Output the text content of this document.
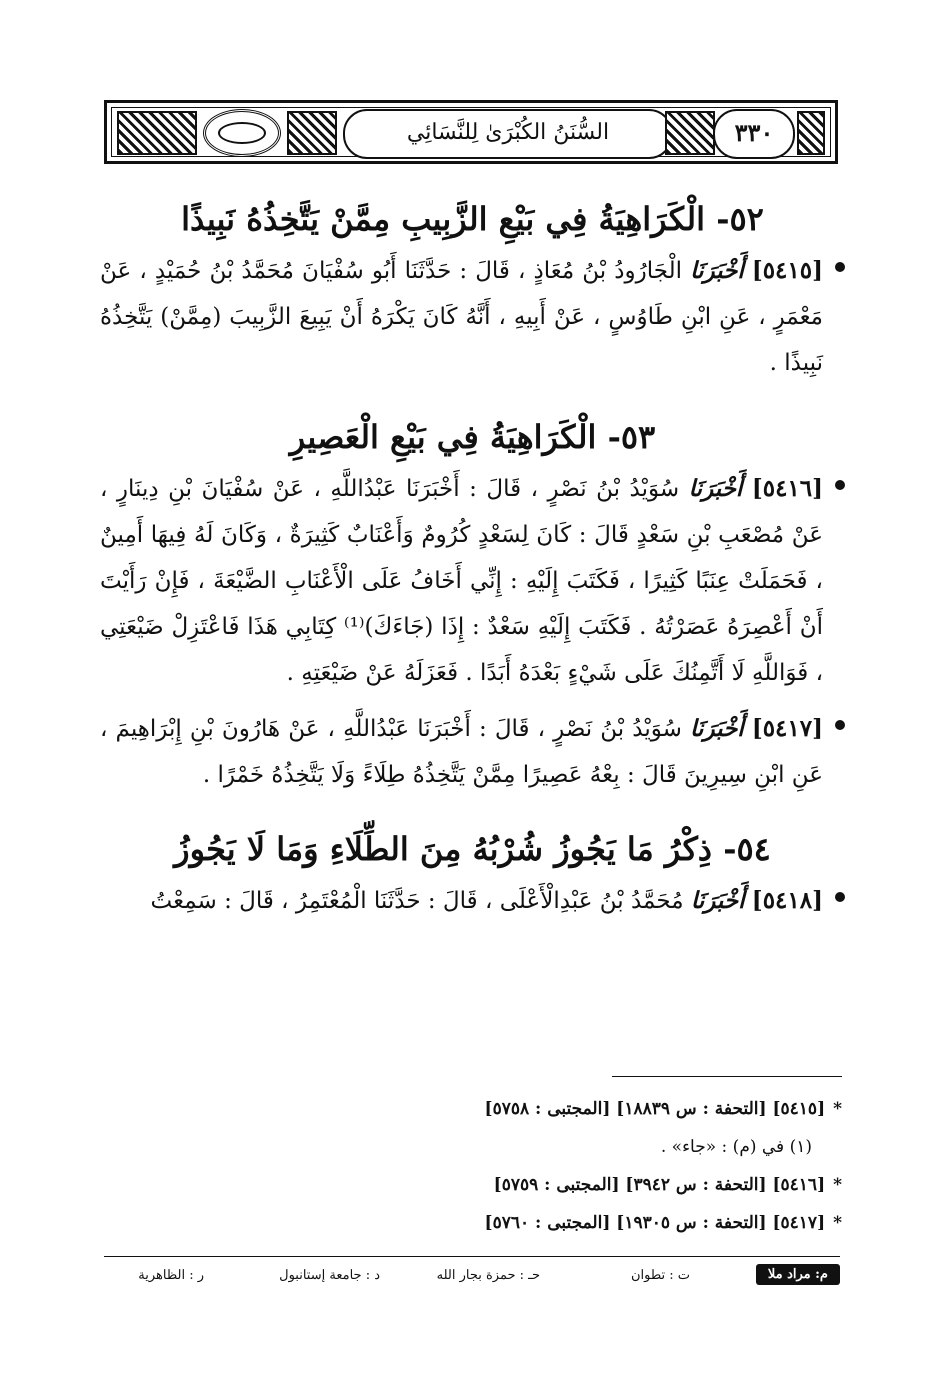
السُّنَنُ الكُبْرَىٰ لِلنَّسَائِي	٣٣٠
٥٢- الْكَرَاهِيَةُ فِي بَيْعِ الزَّبِيبِ مِمَّنْ يَتَّخِذُهُ نَبِيذًا

[٥٤١٥] أَخْبَرَنَا الْجَارُودُ بْنُ مُعَاذٍ ، قَالَ : حَدَّثَنَا أَبُو سُفْيَانَ مُحَمَّدُ بْنُ حُمَيْدٍ ، عَنْ مَعْمَرٍ ، عَنِ ابْنِ طَاوُسٍ ، عَنْ أَبِيهِ ، أَنَّهُ كَانَ يَكْرَهُ أَنْ يَبِيعَ الزَّبِيبَ (مِمَّنْ) يَتَّخِذُهُ نَبِيذًا .

٥٣- الْكَرَاهِيَةُ فِي بَيْعِ الْعَصِيرِ

[٥٤١٦] أَخْبَرَنَا سُوَيْدُ بْنُ نَصْرٍ ، قَالَ : أَخْبَرَنَا عَبْدُاللَّهِ ، عَنْ سُفْيَانَ بْنِ دِينَارٍ ، عَنْ مُصْعَبِ بْنِ سَعْدٍ قَالَ : كَانَ لِسَعْدٍ كُرُومٌ وَأَعْنَابٌ كَثِيرَةٌ ، وَكَانَ لَهُ فِيهَا أَمِينٌ ، فَحَمَلَتْ عِنَبًا كَثِيرًا ، فَكَتَبَ إِلَيْهِ : إِنِّي أَخَافُ عَلَى الْأَعْنَابِ الضَّيْعَةَ ، فَإِنْ رَأَيْتَ أَنْ أَعْصِرَهُ عَصَرْتُهُ . فَكَتَبَ إِلَيْهِ سَعْدٌ : إِذَا (جَاءَكَ)⁽¹⁾ كِتَابِي هَذَا فَاعْتَزِلْ ضَيْعَتِي ، فَوَاللَّهِ لَا أَتَّمِنُكَ عَلَى شَيْءٍ بَعْدَهُ أَبَدًا . فَعَزَلَهُ عَنْ ضَيْعَتِهِ .

[٥٤١٧] أَخْبَرَنَا سُوَيْدُ بْنُ نَصْرٍ ، قَالَ : أَخْبَرَنَا عَبْدُاللَّهِ ، عَنْ هَارُونَ بْنِ إِبْرَاهِيمَ ، عَنِ ابْنِ سِيرِينَ قَالَ : بِعْهُ عَصِيرًا مِمَّنْ يَتَّخِذُهُ طِلَاءً وَلَا يَتَّخِذُهُ خَمْرًا .

٥٤- ذِكْرُ مَا يَجُوزُ شُرْبُهُ مِنَ الطِّلَاءِ وَمَا لَا يَجُوزُ

[٥٤١٨] أَخْبَرَنَا مُحَمَّدُ بْنُ عَبْدِالْأَعْلَى ، قَالَ : حَدَّثَنَا الْمُعْتَمِرُ ، قَالَ : سَمِعْتُ

*[٥٤١٥] [التحفة : س ١٨٨٣٩] [المجتبى : ٥٧٥٨]
(١) في (م) : «جاء» .
*[٥٤١٦] [التحفة : س ٣٩٤٢] [المجتبى : ٥٧٥٩]
*[٥٤١٧] [التحفة : س ١٩٣٠٥] [المجتبى : ٥٧٦٠]
م: مراد ملا
ت : تطوان
حـ : حمزة بجار الله
د : جامعة إستانبول
ر : الظاهرية
